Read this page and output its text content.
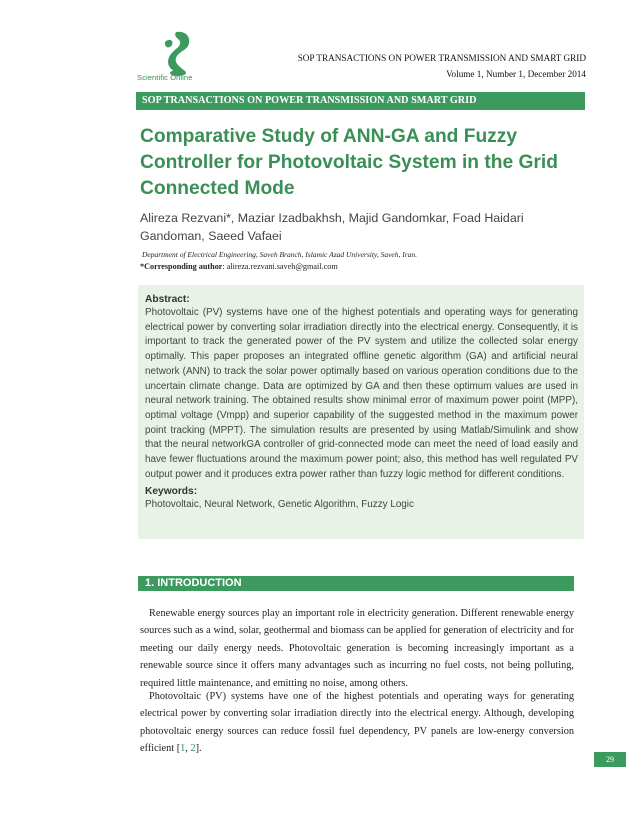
Scientific Online
SOP TRANSACTIONS ON POWER TRANSMISSION AND SMART GRID
Volume 1, Number 1, December 2014
SOP TRANSACTIONS ON POWER TRANSMISSION AND SMART GRID
Comparative Study of ANN-GA and Fuzzy Controller for Photovoltaic System in the Grid Connected Mode

Alireza Rezvani*, Maziar Izadbakhsh, Majid Gandomkar, Foad Haidari Gandoman, Saeed Vafaei

Department of Electrical Engineering, Saveh Branch, Islamic Azad University, Saveh, Iran.
*Corresponding author: alireza.rezvani.saveh@gmail.com
Abstract:

Photovoltaic (PV) systems have one of the highest potentials and operating ways for generating electrical power by converting solar irradiation directly into the electrical energy. Consequently, it is important to track the generated power of the PV system and utilize the collected solar energy optimally. This paper proposes an integrated offline genetic algorithm (GA) and artificial neural network (ANN) to track the solar power optimally based on various operation conditions due to the uncertain climate change. Data are optimized by GA and then these optimum values are used in neural network training. The obtained results show minimal error of maximum power point (MPP), optimal voltage (Vmpp) and superior capability of the suggested method in the maximum power point tracking (MPPT). The simulation results are presented by using Matlab/Simulink and show that the neural networkGA controller of grid-connected mode can meet the need of load easily and have fewer fluctuations around the maximum power point; also, this method has well regulated PV output power and it produces extra power rather than fuzzy logic method for different conditions.

Keywords:

Photovoltaic, Neural Network, Genetic Algorithm, Fuzzy Logic

1. INTRODUCTION

Renewable energy sources play an important role in electricity generation. Different renewable energy sources such as a wind, solar, geothermal and biomass can be applied for generation of electricity and for meeting our daily energy needs. Photovoltaic generation is becoming increasingly important as a renewable source since it offers many advantages such as incurring no fuel costs, not being polluting, required little maintenance, and emitting no noise, among others.

Photovoltaic (PV) systems have one of the highest potentials and operating ways for generating electrical power by converting solar irradiation directly into the electrical energy. Although, developing photovoltaic energy sources can reduce fossil fuel dependency, PV panels are low-energy conversion efficient [1, 2].

29
